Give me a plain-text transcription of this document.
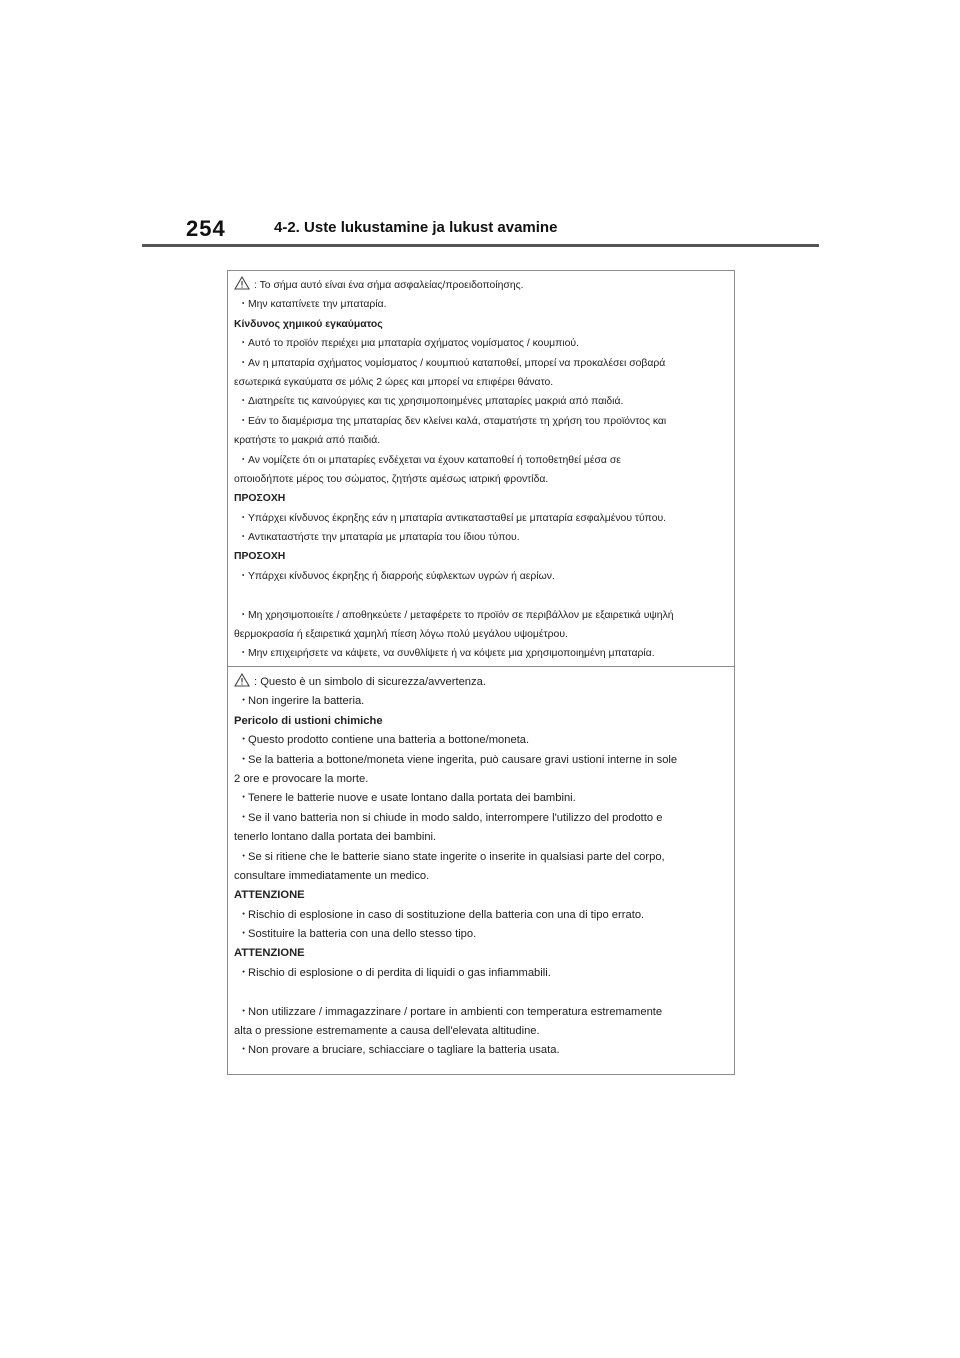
254	4-2. Uste lukustamine ja lukust avamine
: Το σήμα αυτό είναι ένα σήμα ασφαλείας/προειδοποίησης.
・Μην καταπίνετε την μπαταρία.
Κίνδυνος χημικού εγκαύματος
・Αυτό το προϊόν περιέχει μια μπαταρία σχήματος νομίσματος / κουμπιού.
・Αν η μπαταρία σχήματος νομίσματος / κουμπιού καταποθεί, μπορεί να προκαλέσει σοβαρά
εσωτερικά εγκαύματα σε μόλις 2 ώρες και μπορεί να επιφέρει θάνατο.
・Διατηρείτε τις καινούργιες και τις χρησιμοποιημένες μπαταρίες μακριά από παιδιά.
・Εάν το διαμέρισμα της μπαταρίας δεν κλείνει καλά, σταματήστε τη χρήση του προϊόντος και
κρατήστε το μακριά από παιδιά.
・Αν νομίζετε ότι οι μπαταρίες ενδέχεται να έχουν καταποθεί ή τοποθετηθεί μέσα σε
οποιοδήποτε μέρος του σώματος, ζητήστε αμέσως ιατρική φροντίδα.
ΠΡΟΣΟΧΗ
・Υπάρχει κίνδυνος έκρηξης εάν η μπαταρία αντικατασταθεί με μπαταρία εσφαλμένου τύπου.
・Αντικαταστήστε την μπαταρία με μπαταρία του ίδιου τύπου.
ΠΡΟΣΟΧΗ
・Υπάρχει κίνδυνος έκρηξης ή διαρροής εύφλεκτων υγρών ή αερίων.
・Μη χρησιμοποιείτε / αποθηκεύετε / μεταφέρετε το προϊόν σε περιβάλλον με εξαιρετικά υψηλή
θερμοκρασία ή εξαιρετικά χαμηλή πίεση λόγω πολύ μεγάλου υψομέτρου.
・Μην επιχειρήσετε να κάψετε, να συνθλίψετε ή να κόψετε μια χρησιμοποιημένη μπαταρία.
: Questo è un simbolo di sicurezza/avvertenza.
・Non ingerire la batteria.
Pericolo di ustioni chimiche
・Questo prodotto contiene una batteria a bottone/moneta.
・Se la batteria a bottone/moneta viene ingerita, può causare gravi ustioni interne in sole
2 ore e provocare la morte.
・Tenere le batterie nuove e usate lontano dalla portata dei bambini.
・Se il vano batteria non si chiude in modo saldo, interrompere l'utilizzo del prodotto e
tenerlo lontano dalla portata dei bambini.
・Se si ritiene che le batterie siano state ingerite o inserite in qualsiasi parte del corpo,
consultare immediatamente un medico.
ATTENZIONE
・Rischio di esplosione in caso di sostituzione della batteria con una di tipo errato.
・Sostituire la batteria con una dello stesso tipo.
ATTENZIONE
・Rischio di esplosione o di perdita di liquidi o gas infiammabili.
・Non utilizzare / immagazzinare / portare in ambienti con temperatura estremamente
alta o pressione estremamente a causa dell'elevata altitudine.
・Non provare a bruciare, schiacciare o tagliare la batteria usata.
